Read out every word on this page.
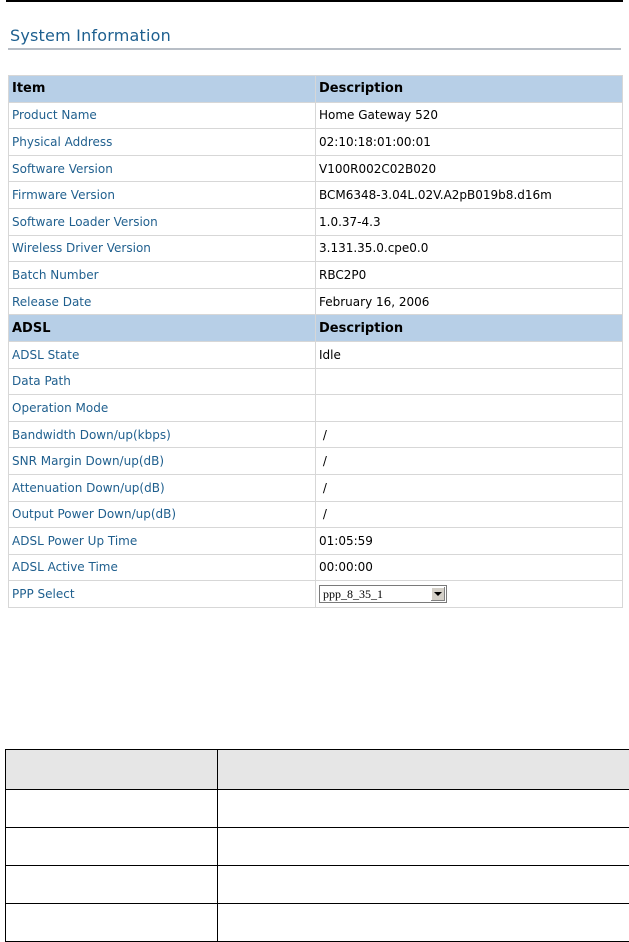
System Information
Item	Description
Product Name	Home Gateway 520
Physical Address	02:10:18:01:00:01
Software Version	V100R002C02B020
Firmware Version	BCM6348-3.04L.02V.A2pB019b8.d16m
Software Loader Version	1.0.37-4.3
Wireless Driver Version	3.131.35.0.cpe0.0
Batch Number	RBC2P0
Release Date	February 16, 2006
ADSL	Description
ADSL State	Idle
Data Path	
Operation Mode	
Bandwidth Down/up(kbps)	/
SNR Margin Down/up(dB)	/
Attenuation Down/up(dB)	/
Output Power Down/up(dB)	/
ADSL Power Up Time	01:05:59
ADSL Active Time	00:00:00
PPP Select	ppp_8_35_1
